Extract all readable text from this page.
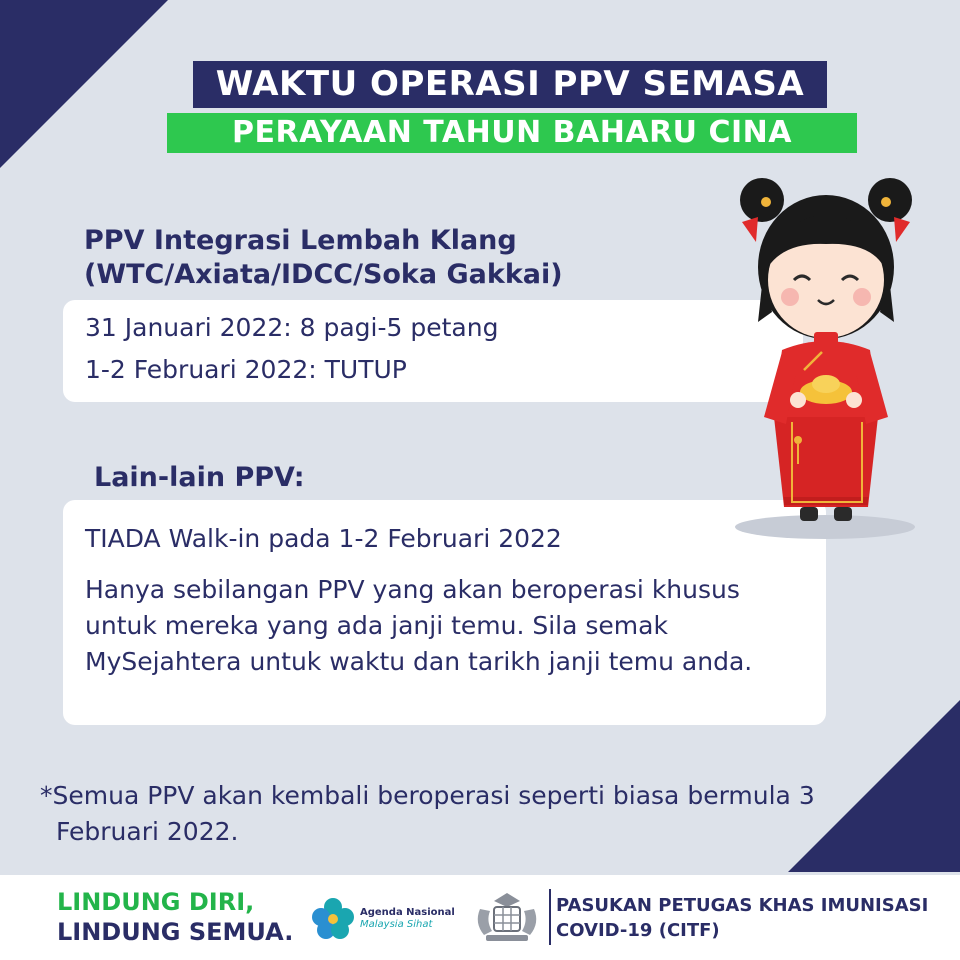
WAKTU OPERASI PPV SEMASA
PERAYAAN TAHUN BAHARU CINA
PPV Integrasi Lembah Klang
(WTC/Axiata/IDCC/Soka Gakkai)
31 Januari 2022: 8 pagi-5 petang
1-2 Februari 2022: TUTUP
Lain-lain PPV:
TIADA Walk-in pada 1-2 Februari 2022
Hanya sebilangan PPV yang akan beroperasi khusus untuk mereka yang ada janji temu. Sila semak MySejahtera untuk waktu dan tarikh janji temu anda.
*Semua PPV akan kembali beroperasi seperti biasa bermula 3 Februari 2022.
LINDUNG DIRI,
LINDUNG SEMUA.
Agenda Nasional
Malaysia Sihat
PASUKAN PETUGAS KHAS IMUNISASI
COVID-19 (CITF)
